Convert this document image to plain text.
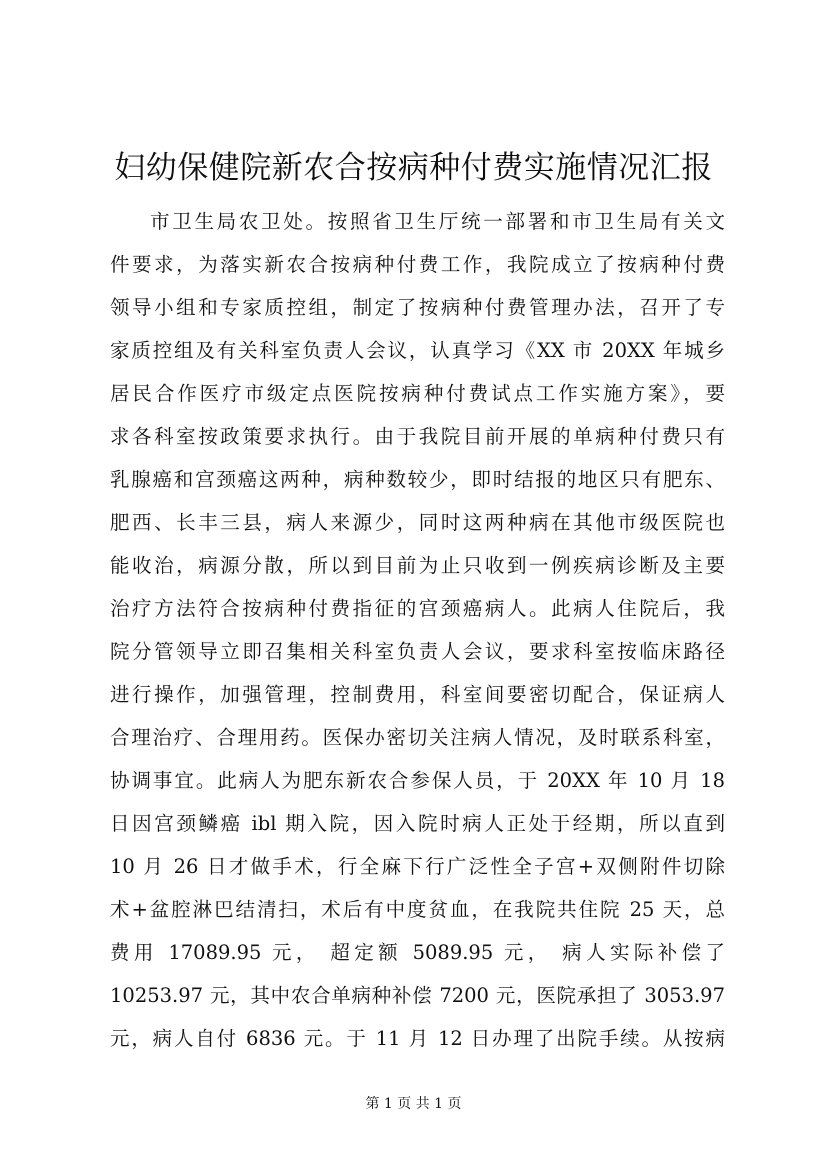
妇幼保健院新农合按病种付费实施情况汇报
市卫生局农卫处。按照省卫生厅统一部署和市卫生局有关文
件要求，为落实新农合按病种付费工作，我院成立了按病种付费
领导小组和专家质控组，制定了按病种付费管理办法，召开了专
家质控组及有关科室负责人会议，认真学习《XX 市 20XX 年城乡
居民合作医疗市级定点医院按病种付费试点工作实施方案》，要
求各科室按政策要求执行。由于我院目前开展的单病种付费只有
乳腺癌和宫颈癌这两种，病种数较少，即时结报的地区只有肥东、
肥西、长丰三县，病人来源少，同时这两种病在其他市级医院也
能收治，病源分散，所以到目前为止只收到一例疾病诊断及主要
治疗方法符合按病种付费指征的宫颈癌病人。此病人住院后，我
院分管领导立即召集相关科室负责人会议，要求科室按临床路径
进行操作，加强管理，控制费用，科室间要密切配合，保证病人
合理治疗、合理用药。医保办密切关注病人情况，及时联系科室，
协调事宜。此病人为肥东新农合参保人员，于 20XX 年 10 月 18
日因宫颈鳞癌 ibl 期入院，因入院时病人正处于经期，所以直到
10 月 26 日才做手术，行全麻下行广泛性全子宫+双侧附件切除
术+盆腔淋巴结清扫，术后有中度贫血，在我院共住院 25 天，总
费用 17089.95 元， 超定额 5089.95 元， 病人实际补偿了
10253.97 元，其中农合单病种补偿 7200 元，医院承担了 3053.97
元，病人自付 6836 元。于 11 月 12 日办理了出院手续。从按病
第 1 页 共 1 页
